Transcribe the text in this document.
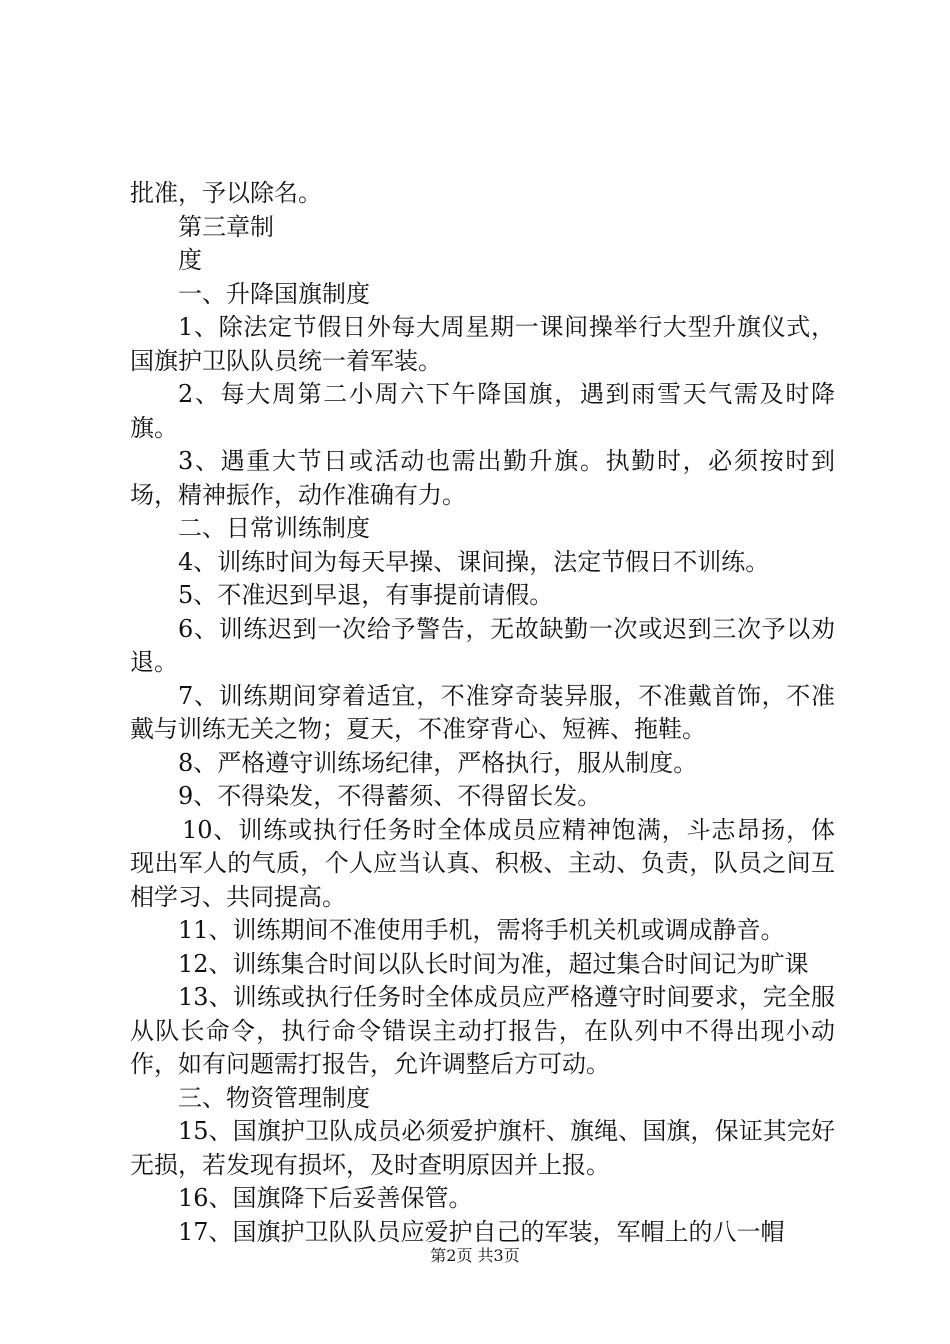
批准，予以除名。

第三章制

度

一、升降国旗制度

1、除法定节假日外每大周星期一课间操举行大型升旗仪式，国旗护卫队队员统一着军装。

2、每大周第二小周六下午降国旗，遇到雨雪天气需及时降旗。

3、遇重大节日或活动也需出勤升旗。执勤时，必须按时到场，精神振作，动作准确有力。

二、日常训练制度

4、训练时间为每天早操、课间操，法定节假日不训练。

5、不准迟到早退，有事提前请假。

6、训练迟到一次给予警告，无故缺勤一次或迟到三次予以劝退。

7、训练期间穿着适宜，不准穿奇装异服，不准戴首饰，不准戴与训练无关之物；夏天，不准穿背心、短裤、拖鞋。

8、严格遵守训练场纪律，严格执行，服从制度。

9、不得染发，不得蓄须、不得留长发。

10、训练或执行任务时全体成员应精神饱满，斗志昂扬，体现出军人的气质，个人应当认真、积极、主动、负责，队员之间互相学习、共同提高。

11、训练期间不准使用手机，需将手机关机或调成静音。

12、训练集合时间以队长时间为准，超过集合时间记为旷课

13、训练或执行任务时全体成员应严格遵守时间要求，完全服从队长命令，执行命令错误主动打报告，在队列中不得出现小动作，如有问题需打报告，允许调整后方可动。

三、物资管理制度

15、国旗护卫队成员必须爱护旗杆、旗绳、国旗，保证其完好无损，若发现有损坏，及时查明原因并上报。

16、国旗降下后妥善保管。

17、国旗护卫队队员应爱护自己的军装，军帽上的八一帽

第2页 共3页
